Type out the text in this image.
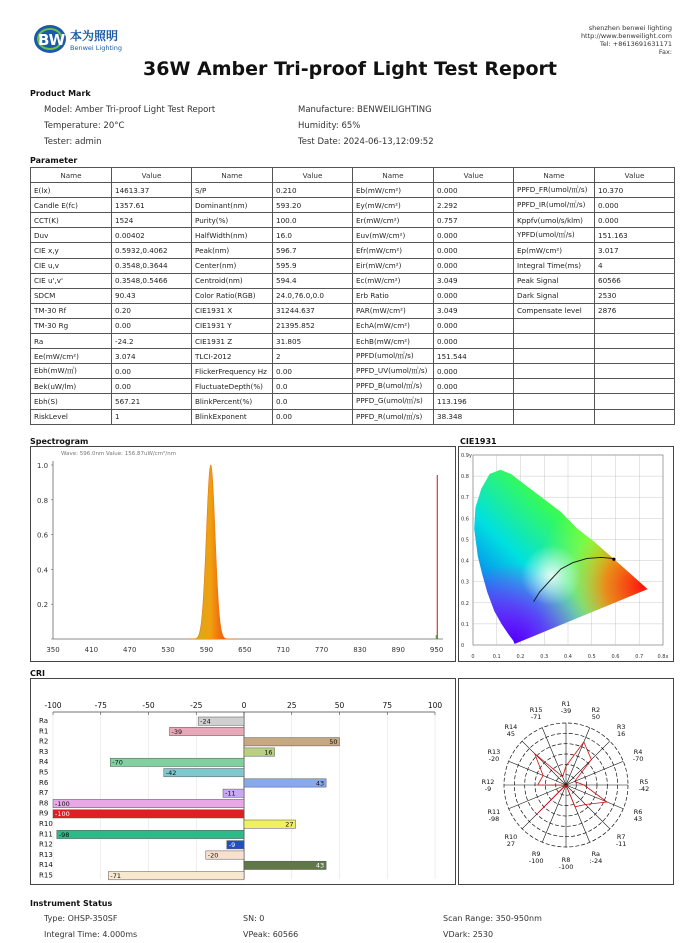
BW 本为照明
Benwei Lighting
shenzhen benwei lighting
http://www.benweilight.com
Tel: +8613691631171
Fax:
36W Amber Tri-proof Light Test Report
Product Mark
Model: Amber Tri-proof Light Test Report	Manufacture: BENWEILIGHTING
Temperature: 20°C	Humidity: 65%
Tester: admin	Test Date: 2024-06-13,12:09:52
Parameter
Name	Value	Name	Value	Name	Value	Name	Value
E(lx)	14613.37	S/P	0.210	Eb(mW/cm²)	0.000	PPFD_FR(umol/㎡/s)	10.370
Candle E(fc)	1357.61	Dominant(nm)	593.20	Ey(mW/cm²)	2.292	PPFD_IR(umol/㎡/s)	0.000
CCT(K)	1524	Purity(%)	100.0	Er(mW/cm²)	0.757	Kppfv(umol/s/klm)	0.000
Duv	0.00402	HalfWidth(nm)	16.0	Euv(mW/cm²)	0.000	YPFD(umol/㎡/s)	151.163
CIE x,y	0.5932,0.4062	Peak(nm)	596.7	Efr(mW/cm²)	0.000	Ep(mW/cm²)	3.017
CIE u,v	0.3548,0.3644	Center(nm)	595.9	Eir(mW/cm²)	0.000	Integral Time(ms)	4
CIE u',v'	0.3548,0.5466	Centroid(nm)	594.4	Ec(mW/cm²)	3.049	Peak Signal	60566
SDCM	90.43	Color Ratio(RGB)	24.0,76.0,0.0	Erb Ratio	0.000	Dark Signal	2530
TM-30 Rf	0.20	CIE1931 X	31244.637	PAR(mW/cm²)	3.049	Compensate level	2876
TM-30 Rg	0.00	CIE1931 Y	21395.852	EchA(mW/cm²)	0.000		
Ra	-24.2	CIE1931 Z	31.805	EchB(mW/cm²)	0.000		
Ee(mW/cm²)	3.074	TLCI-2012	2	PPFD(umol/㎡/s)	151.544		
Ebh(mW/㎡)	0.00	FlickerFrequency Hz	0.00	PPFD_UV(umol/㎡/s)	0.000		
Bek(uW/lm)	0.00	FluctuateDepth(%)	0.0	PPFD_B(umol/㎡/s)	0.000		
Ebh(S)	567.21	BlinkPercent(%)	0.0	PPFD_G(umol/㎡/s)	113.196		
RiskLevel	1	BlinkExponent	0.00	PPFD_R(umol/㎡/s)	38.348		
Spectrogram
Wave: 596.0nm Value: 156.87uW/cm²/nm
1.0
0.8
0.6
0.4
0.2
350	410	470	530	590	650	710	770	830	890	950
CIE1931
0	0.1	0.2	0.3	0.4	0.5	0.6	0.7	0.8x
0.9y
0.8
0.7
0.6
0.5
0.4
0.3
0.2
0.1
0
CRI
-100	-75	-50	-25	0	25	50	75	100
Ra	-24
R1	-39
R2	50
R3	16
R4	-70
R5	-42
R6	43
R7	-11
R8 -100
R9 -100
R10	27
R11 -98
R12	-9
R13	-20
R14	43
R15	-71
R1
-39	R2
50
R3
16
R4
-70
R5
-42
R6
43
R7
-11
Ra
:-24
R8
-100
R9
-100
R10
27
R11
-98
R12
-9
R13
-20
R14
45
R15
-71
Instrument Status
Type: OHSP-350SF	SN: 0	Scan Range: 350-950nm
Integral Time: 4.000ms	VPeak: 60566	VDark: 2530
